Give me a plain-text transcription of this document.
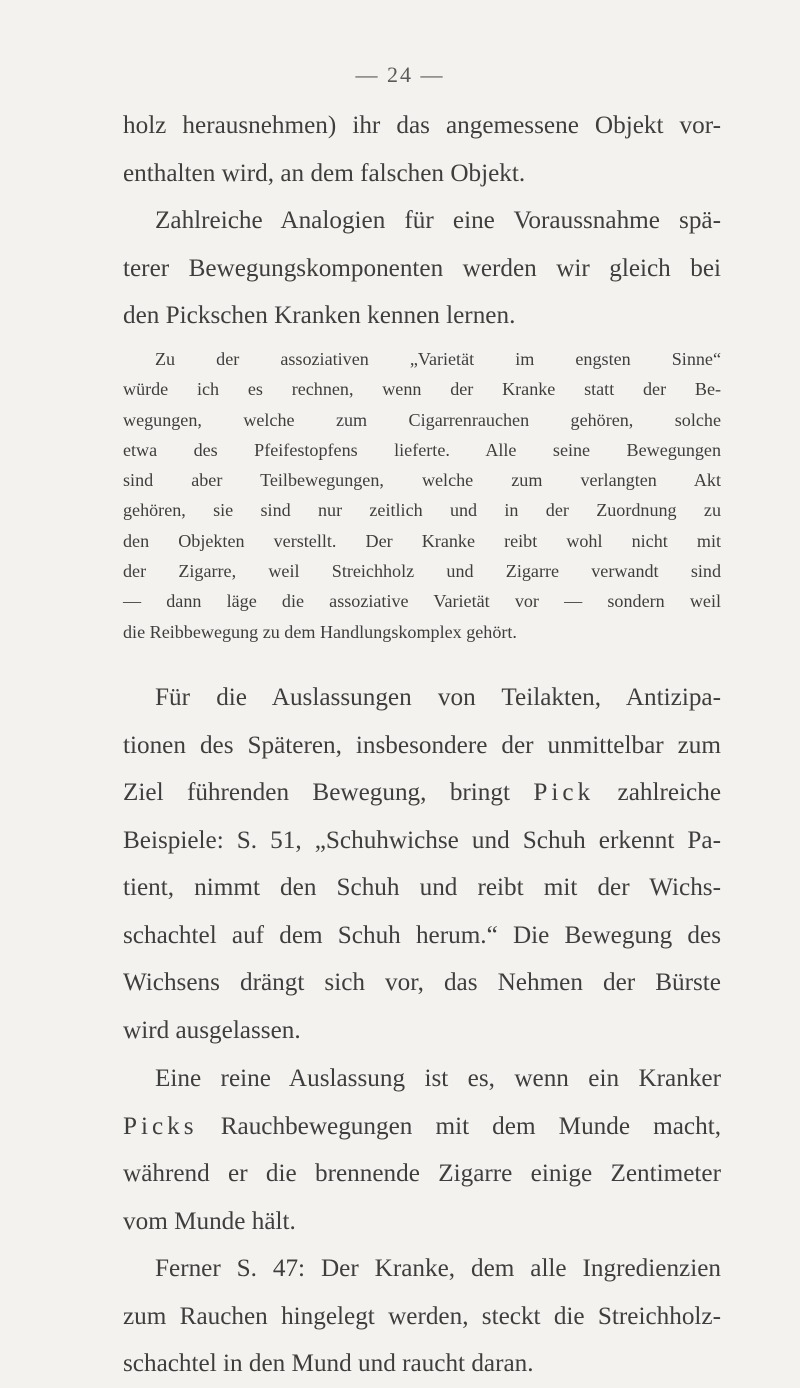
— 24 —
holz herausnehmen) ihr das angemessene Objekt vor-
enthalten wird, an dem falschen Objekt.
Zahlreiche Analogien für eine Voraussnahme spä-
terer Bewegungskomponenten werden wir gleich bei
den Pickschen Kranken kennen lernen.
Zu der assoziativen „Varietät im engsten Sinne“
würde ich es rechnen, wenn der Kranke statt der Be-
wegungen, welche zum Cigarrenrauchen gehören, solche
etwa des Pfeifestopfens lieferte. Alle seine Bewegungen
sind aber Teilbewegungen, welche zum verlangten Akt
gehören, sie sind nur zeitlich und in der Zuordnung zu
den Objekten verstellt. Der Kranke reibt wohl nicht mit
der Zigarre, weil Streichholz und Zigarre verwandt sind
— dann läge die assoziative Varietät vor — sondern weil
die Reibbewegung zu dem Handlungskomplex gehört.
Für die Auslassungen von Teilakten, Antizipa-
tionen des Späteren, insbesondere der unmittelbar zum
Ziel führenden Bewegung, bringt Pick zahlreiche
Beispiele: S. 51, „Schuhwichse und Schuh erkennt Pa-
tient, nimmt den Schuh und reibt mit der Wichs-
schachtel auf dem Schuh herum.“ Die Bewegung des
Wichsens drängt sich vor, das Nehmen der Bürste
wird ausgelassen.
Eine reine Auslassung ist es, wenn ein Kranker
Picks Rauchbewegungen mit dem Munde macht,
während er die brennende Zigarre einige Zentimeter
vom Munde hält.
Ferner S. 47: Der Kranke, dem alle Ingredienzien
zum Rauchen hingelegt werden, steckt die Streichholz-
schachtel in den Mund und raucht daran.
